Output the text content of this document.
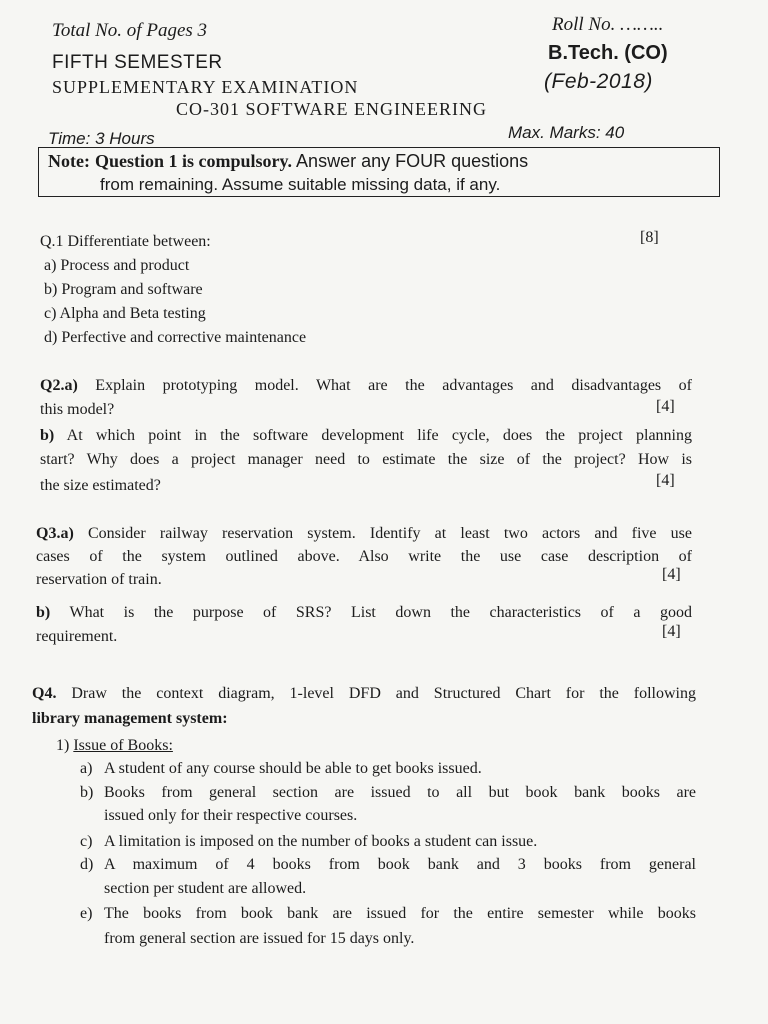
Total No. of Pages 3	Roll No. ……..
FIFTH SEMESTER	B.Tech. (CO)
SUPPLEMENTARY EXAMINATION	(Feb-2018)
CO-301 SOFTWARE ENGINEERING
Time: 3 Hours	Max. Marks: 40
Note: Question 1 is compulsory. Answer any FOUR questions
from remaining. Assume suitable missing data, if any.
Q.1 Differentiate between:	[8]
a) Process and product
b) Program and software
c) Alpha and Beta testing
d) Perfective and corrective maintenance
Q2.a) Explain prototyping model. What are the advantages and disadvantages of
this model?	[4]
b) At which point in the software development life cycle, does the project planning
start? Why does a project manager need to estimate the size of the project? How is
the size estimated?	[4]
Q3.a) Consider railway reservation system. Identify at least two actors and five use
cases of the system outlined above. Also write the use case description of
reservation of train.	[4]
b) What is the purpose of SRS? List down the characteristics of a good
requirement.	[4]
Q4. Draw the context diagram, 1-level DFD and Structured Chart for the following
library management system:
1) Issue of Books:
a) A student of any course should be able to get books issued.
b) Books from general section are issued to all but book bank books are
issued only for their respective courses.
c) A limitation is imposed on the number of books a student can issue.
d) A maximum of 4 books from book bank and 3 books from general
section per student are allowed.
e) The books from book bank are issued for the entire semester while books
from general section are issued for 15 days only.
